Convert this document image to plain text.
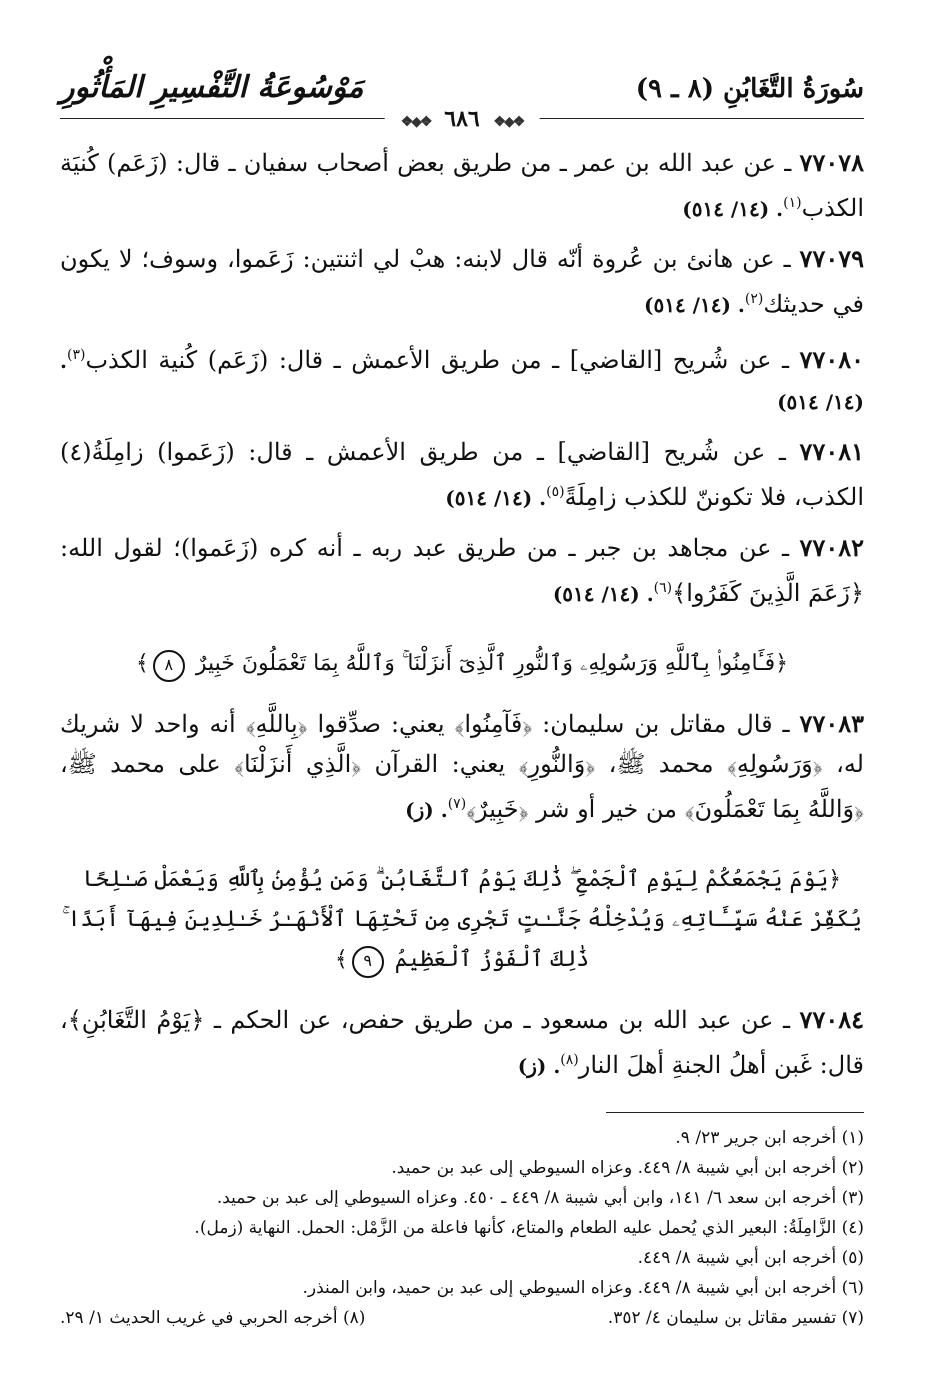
سُورَةُ التَّغَابُنِ (٨ ـ ٩)
مَوْسُوعَةُ التَّفْسِيرِ المَأْثُورِ
❖◆❖ ٦٨٦ ❖◆❖
٧٧٠٧٨ ـ عن عبد الله بن عمر ـ من طريق بعض أصحاب سفيان ـ قال: (زَعَم) كُنيَة الكذب$^{(١)}$. (١٤/ ٥١٤)
٧٧٠٧٩ ـ عن هانئ بن عُروة أنّه قال لابنه: هبْ لي اثنتين: زَعَموا، وسوف؛ لا يكون في حديثك$^{(٢)}$. (١٤/ ٥١٤)
٧٧٠٨٠ ـ عن شُريح [القاضي] ـ من طريق الأعمش ـ قال: (زَعَم) كُنية الكذب$^{(٣)}$. (١٤/ ٥١٤)
٧٧٠٨١ ـ عن شُريح [القاضي] ـ من طريق الأعمش ـ قال: (زَعَموا) زامِلَةُ(٤) الكذب، فلا تكوننّ للكذب زامِلَةً$^{(٥)}$. (١٤/ ٥١٤)
٧٧٠٨٢ ـ عن مجاهد بن جبر ـ من طريق عبد ربه ـ أنه كره (زَعَموا)؛ لقول الله: ﴿زَعَمَ الَّذِينَ كَفَرُوا﴾$^{(٦)}$. (١٤/ ٥١٤)
﴿فَـَٔامِنُوا۟ بِٱللَّهِ وَرَسُولِهِۦ وَٱلنُّورِ ٱلَّذِىٓ أَنزَلْنَا ۚ وَٱللَّهُ بِمَا تَعْمَلُونَ خَبِيرٌ ٨﴾
٧٧٠٨٣ ـ قال مقاتل بن سليمان: ﴿فَآمِنُوا﴾ يعني: صدِّقوا ﴿بِاللَّهِ﴾ أنه واحد لا شريك له، ﴿وَرَسُولِهِ﴾ محمد ﷺ، ﴿وَالنُّورِ﴾ يعني: القرآن ﴿الَّذِي أَنزَلْنَا﴾ على محمد ﷺ، ﴿وَاللَّهُ بِمَا تَعْمَلُونَ﴾ من خير أو شر ﴿خَبِيرٌ﴾$^{(٧)}$. (ز)
﴿يَوْمَ يَجْمَعُكُمْ لِيَوْمِ ٱلْجَمْعِ ۖ ذَٰلِكَ يَوْمُ ٱلتَّغَابُنِ ۗ وَمَن يُؤْمِنۢ بِٱللَّهِ وَيَعْمَلْ صَـٰلِحًا يُكَفِّرْ عَنْهُ سَيِّـَٔاتِهِۦ وَيُدْخِلْهُ جَنَّـٰتٍ تَجْرِى مِن تَحْتِهَا ٱلْأَنْهَـٰرُ خَـٰلِدِينَ فِيهَآ أَبَدًا ۚ ذَٰلِكَ ٱلْفَوْزُ ٱلْعَظِيمُ ٩﴾
٧٧٠٨٤ ـ عن عبد الله بن مسعود ـ من طريق حفص، عن الحكم ـ ﴿يَوْمُ التَّغَابُنِ﴾، قال: غَبن أهلُ الجنةِ أهلَ النار$^{(٨)}$. (ز)
(١) أخرجه ابن جرير ٢٣/ ٩.
(٢) أخرجه ابن أبي شيبة ٨/ ٤٤٩. وعزاه السيوطي إلى عبد بن حميد.
(٣) أخرجه ابن سعد ٦/ ١٤١، وابن أبي شيبة ٨/ ٤٤٩ ـ ٤٥٠. وعزاه السيوطي إلى عبد بن حميد.
(٤) الزَّامِلَةُ: البعير الذي يُحمل عليه الطعام والمتاع، كأنها فاعلة من الزَّمْل: الحمل. النهاية (زمل).
(٥) أخرجه ابن أبي شيبة ٨/ ٤٤٩.
(٦) أخرجه ابن أبي شيبة ٨/ ٤٤٩. وعزاه السيوطي إلى عبد بن حميد، وابن المنذر.
(٧) تفسير مقاتل بن سليمان ٤/ ٣٥٢.
(٨) أخرجه الحربي في غريب الحديث ١/ ٢٩.
